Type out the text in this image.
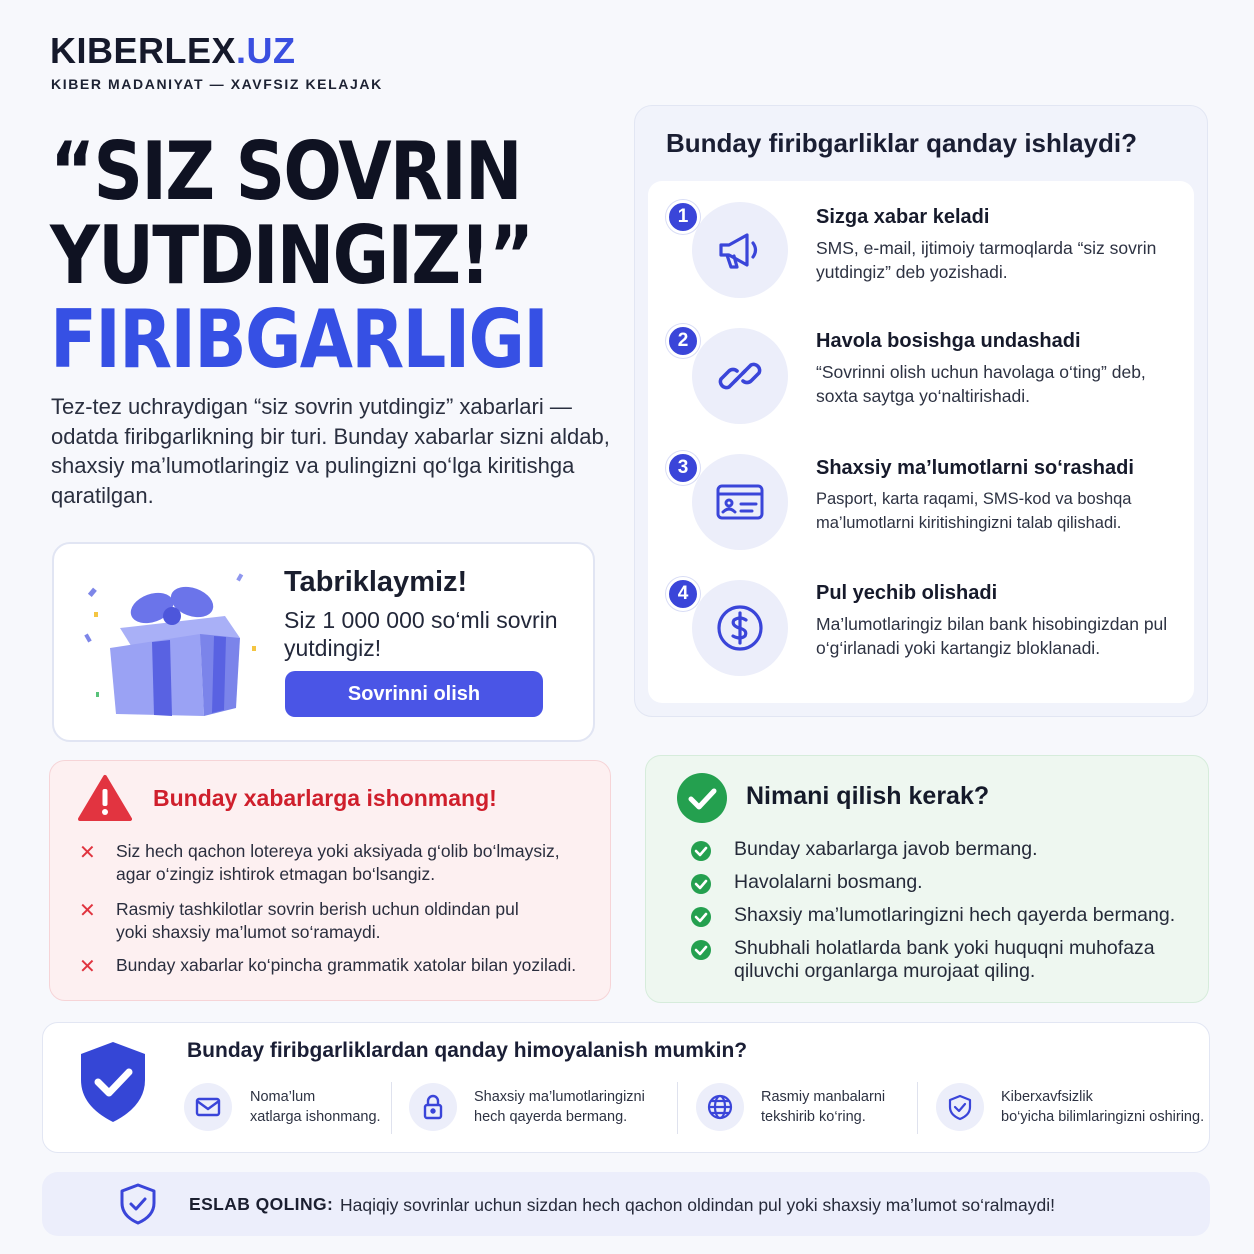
KIBERLEX.UZ
KIBER MADANIYAT — XAVFSIZ KELAJAK
“SIZ SOVRIN
YUTDINGIZ!”
FIRIBGARLIGI
Tez-tez uchraydigan “siz sovrin yutdingiz” xabarlari — odatda firibgarlikning bir turi. Bunday xabarlar sizni aldab, shaxsiy ma’lumotlaringiz va pulingizni qo‘lga kiritishga qaratilgan.
Tabriklaymiz!
Siz 1 000 000 so‘mli sovrin yutdingiz!
Sovrinni olish
Bunday firibgarliklar qanday ishlaydi?
1	Sizga xabar keladi
SMS, e-mail, ijtimoiy tarmoqlarda “siz sovrin yutdingiz” deb yozishadi.
2	Havola bosishga undashadi
“Sovrinni olish uchun havolaga o‘ting” deb, soxta saytga yo‘naltirishadi.
3	Shaxsiy ma’lumotlarni so‘rashadi
Pasport, karta raqami, SMS-kod va boshqa ma’lumotlarni kiritishingizni talab qilishadi.
4	Pul yechib olishadi
Ma’lumotlaringiz bilan bank hisobingizdan pul o‘g‘irlanadi yoki kartangiz bloklanadi.
Bunday xabarlarga ishonmang!
✕ Siz hech qachon lotereya yoki aksiyada g‘olib bo‘lmaysiz, agar o‘zingiz ishtirok etmagan bo‘lsangiz.
✕ Rasmiy tashkilotlar sovrin berish uchun oldindan pul yoki shaxsiy ma’lumot so‘ramaydi.
✕ Bunday xabarlar ko‘pincha grammatik xatolar bilan yoziladi.
Nimani qilish kerak?
Bunday xabarlarga javob bermang.
Havolalarni bosmang.
Shaxsiy ma’lumotlaringizni hech qayerda bermang.
Shubhali holatlarda bank yoki huquqni muhofaza qiluvchi organlarga murojaat qiling.
Bunday firibgarliklardan qanday himoyalanish mumkin?
Noma’lum
xatlarga ishonmang.
Shaxsiy ma’lumotlaringizni
hech qayerda bermang.
Rasmiy manbalarni
tekshirib ko‘ring.
Kiberxavfsizlik
bo‘yicha bilimlaringizni oshiring.
ESLAB QOLING: Haqiqiy sovrinlar uchun sizdan hech qachon oldindan pul yoki shaxsiy ma’lumot so‘ralmaydi!
